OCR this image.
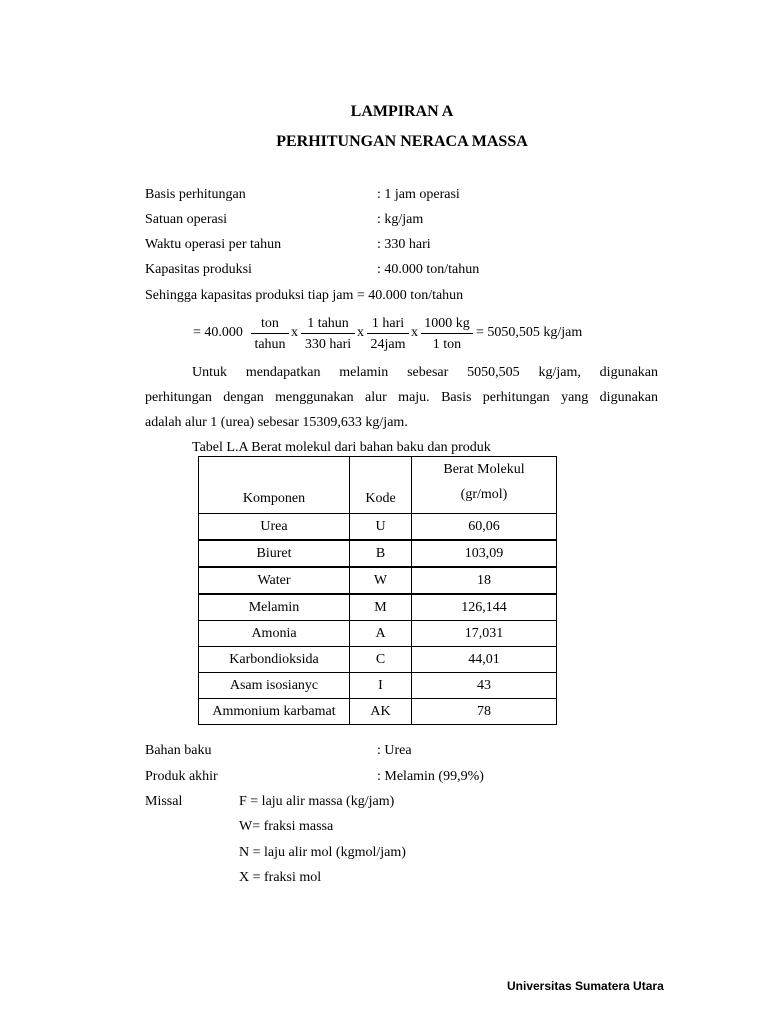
LAMPIRAN A
PERHITUNGAN NERACA MASSA
Basis perhitungan	: 1 jam operasi
Satuan operasi	: kg/jam
Waktu operasi per tahun	: 330 hari
Kapasitas produksi	: 40.000 ton/tahun
Sehingga kapasitas produksi tiap jam = 40.000 ton/tahun
= 40.000
ton
tahun
x
1 tahun
330 hari
x
1 hari
24jam
x
1000 kg
1 ton
= 5050,505 kg/jam

Untuk mendapatkan melamin sebesar 5050,505 kg/jam, digunakan

perhitungan dengan menggunakan alur maju. Basis perhitungan yang digunakan

adalah alur 1 (urea) sebesar 15309,633 kg/jam.

Tabel L.A Berat molekul dari bahan baku dan produk
Komponen	Kode	Berat Molekul
(gr/mol)

Urea	U	60,06
Biuret	B	103,09
Water	W	18
Melamin	M	126,144
Amonia	A	17,031
Karbondioksida	C	44,01
Asam isosianyc	I	43
Ammonium karbamat	AK	78
Bahan baku	: Urea
Produk akhir	: Melamin (99,9%)
Missal	F = laju alir massa (kg/jam)
W= fraksi massa
N = laju alir mol (kgmol/jam)
X = fraksi mol
Universitas Sumatera Utara
